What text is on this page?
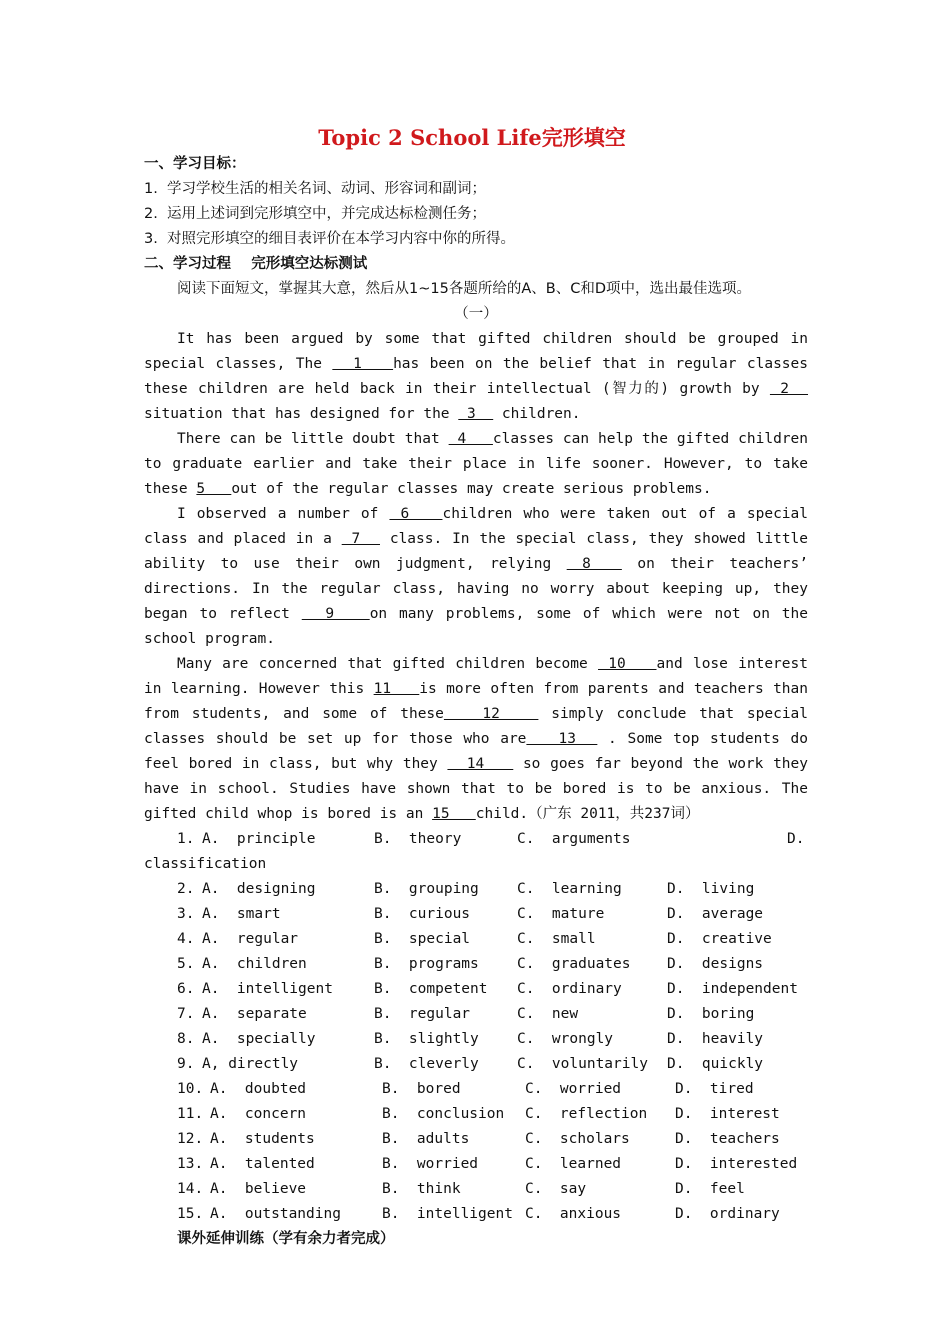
Topic 2 School Life完形填空
一、学习目标：
1.  学习学校生活的相关名词、动词、形容词和副词；
2.  运用上述词到完形填空中，并完成达标检测任务；
3.  对照完形填空的细目表评价在本学习内容中你的所得。
二、学习过程    完形填空达标测试
阅读下面短文，掌握其大意，然后从1~15各题所给的A、B、C和D项中，选出最佳选项。
（一）

It has been argued by some that gifted children should be grouped in special classes, The   1   has been on the belief that in regular classes these children are held back in their intellectual (智力的) growth by  2   situation that has designed for the  3   children.

There can be little doubt that  4   classes can help the gifted children to graduate earlier and take their place in life sooner. However, to take these 5   out of the regular classes may create serious problems.

I observed a number of  6   children who were taken out of a special class and placed in a  7   class. In the special class, they showed little ability to use their own judgment, relying  8   on their teachers’ directions. In the regular class, having no worry about keeping up, they began to reflect   9   on many problems, some of which were not on the school program.

Many are concerned that gifted children become  10   and lose interest in learning. However this 11   is more often from parents and teachers than from students, and some of these   12    simply conclude that special classes should be set up for those who are   13   . Some top students do feel bored in class, but why they   14    so goes far beyond the work they have in school. Studies have shown that to be bored is to be anxious. The gifted child whop is bored is an 15   child.（广东 2011，共237词）

1. A.  principle	B.  theory	C.  arguments	D.
classification
2. A.  designing	B.  grouping	C.  learning	D.  living
3. A.  smart	B.  curious	C.  mature	D.  average
4. A.  regular	B.  special	C.  small	D.  creative
5. A.  children	B.  programs	C.  graduates	D.  designs
6. A.  intelligent	B.  competent C.  ordinary	D.  independent
7. A.  separate	B.  regular	C.  new	D.  boring
8. A.  specially	B.  slightly	C.  wrongly	D.  heavily
9. A, directly	B.  cleverly	C.  voluntarily D.  quickly
10. A.  doubted	B.  bored	C.  worried	D.  tired
11. A.  concern	B.  conclusion C.  reflection D.  interest
12. A.  students	B.  adults	C.  scholars	D.  teachers
13. A.  talented	B.  worried	C.  learned	D.  interested
14. A.  believe	B.  think	C.  say	D.  feel
15. A.  outstanding	B.  intelligent C.  anxious	D.  ordinary
课外延伸训练（学有余力者完成）
